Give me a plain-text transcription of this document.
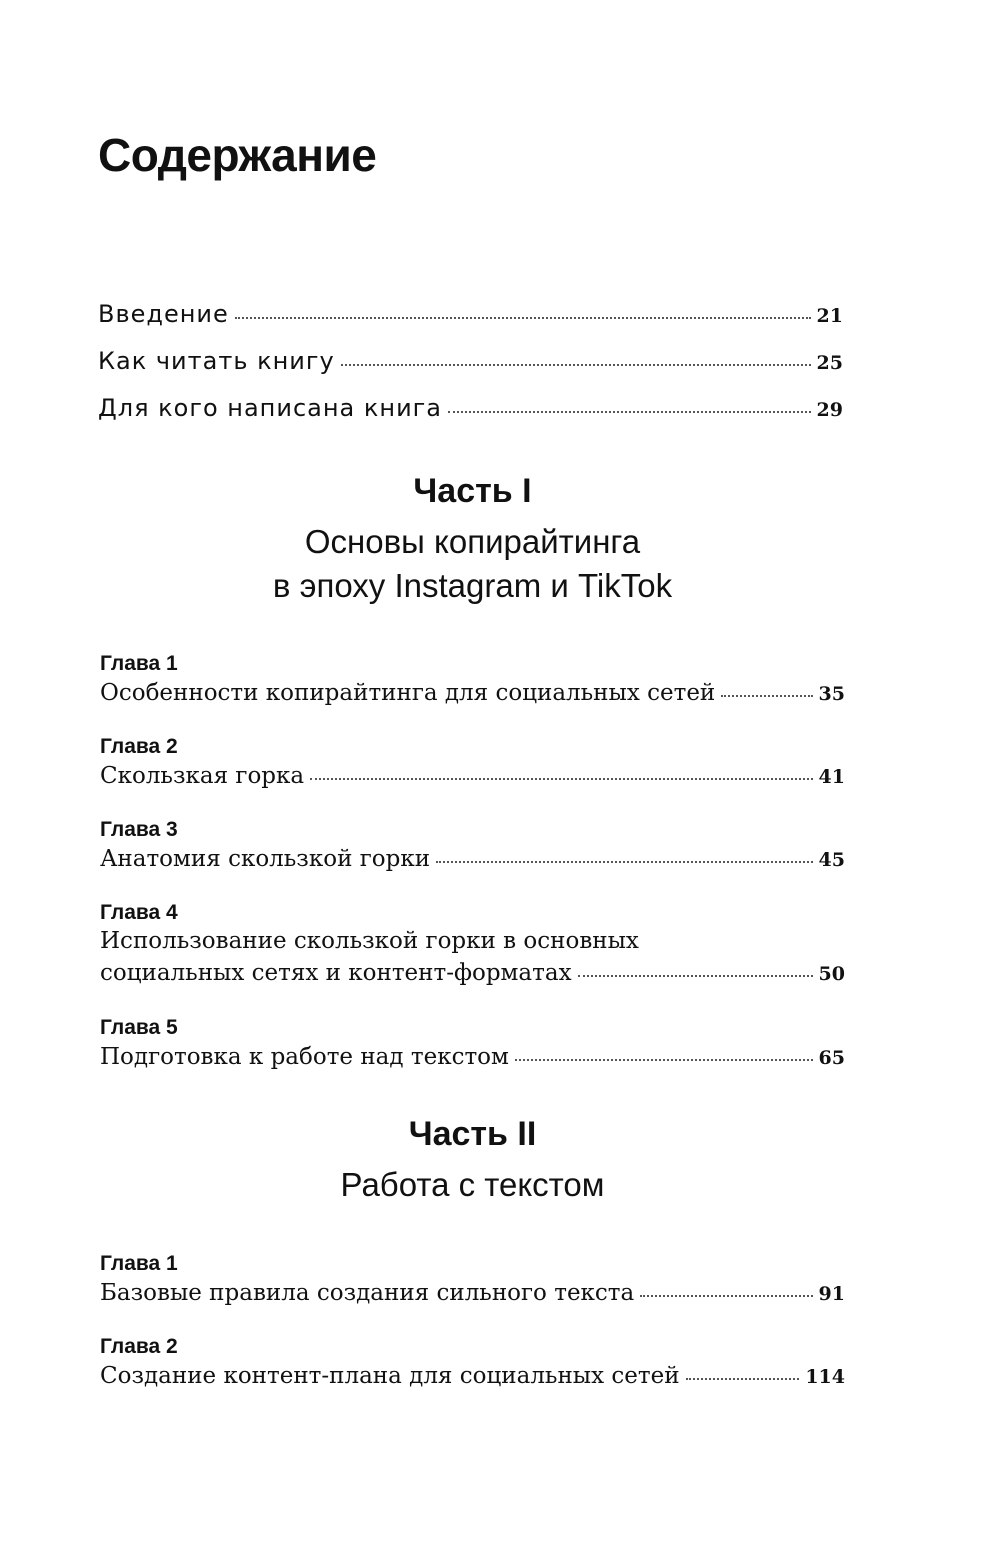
Содержание
Введение	21
Как читать книгу	25
Для кого написана книга	29
Часть I

Основы копирайтинга

в эпоху Instagram и TikTok

Глава 1

Особенности копирайтинга для социальных сетей	35

Глава 2

Скользкая горка	41

Глава 3

Анатомия скользкой горки	45

Глава 4

Использование скользкой горки в основных

социальных сетях и контент-форматах	50

Глава 5

Подготовка к работе над текстом	65
Часть II

Работа с текстом

Глава 1

Базовые правила создания сильного текста	91

Глава 2

Создание контент-плана для социальных сетей	114
